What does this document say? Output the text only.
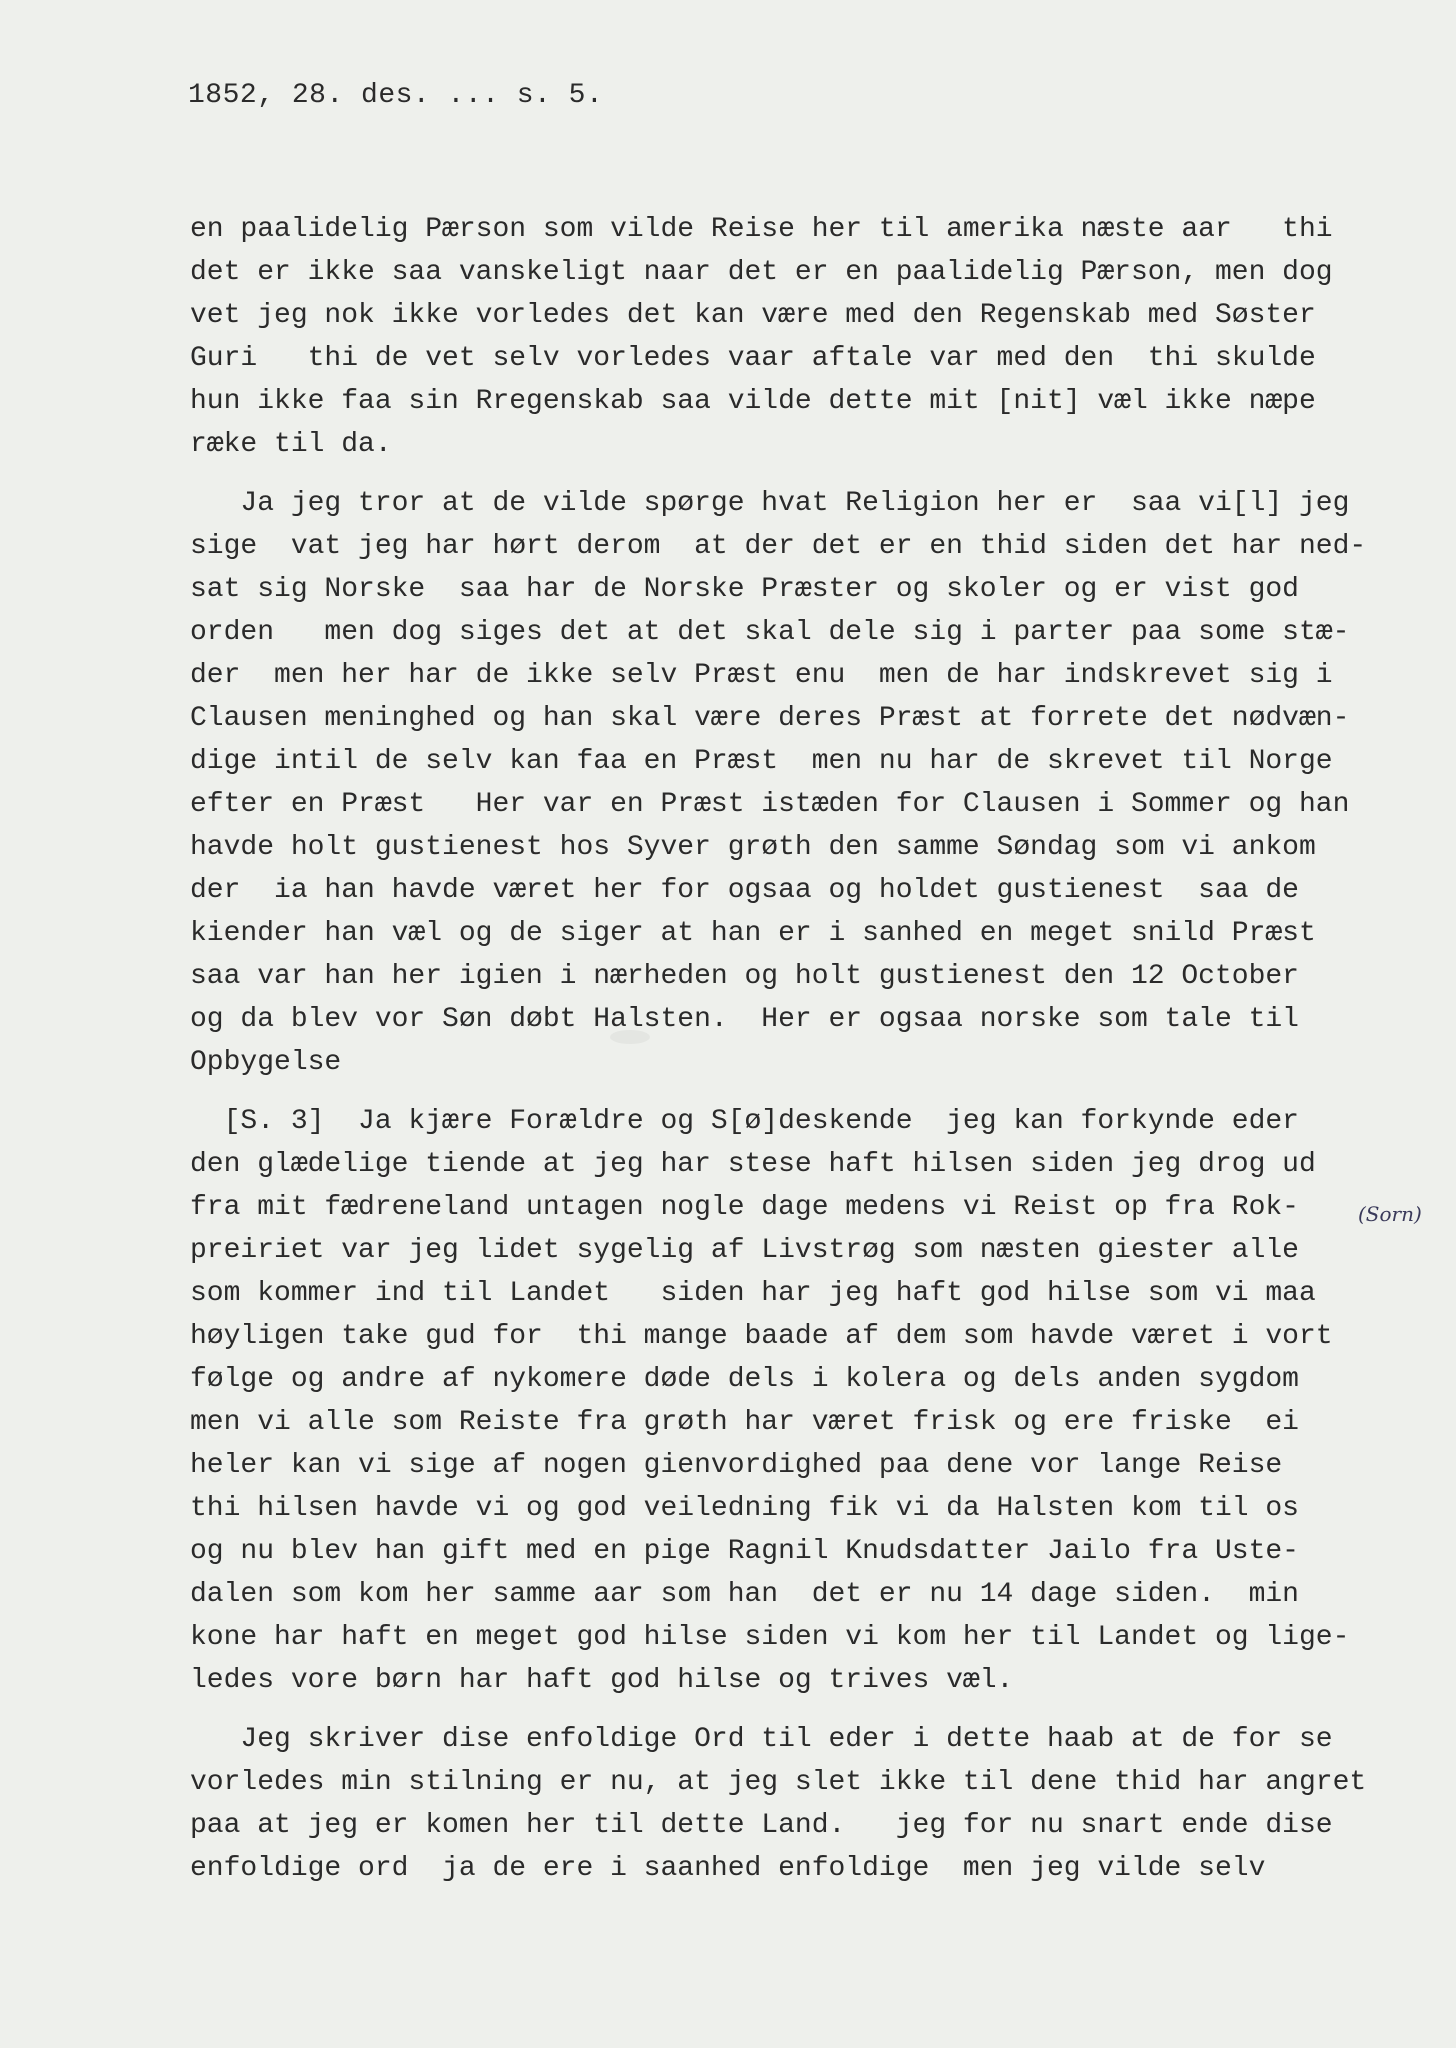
1852, 28. des. ... s. 5.
en paalidelig Pærson som vilde Reise her til amerika næste aar   thi
det er ikke saa vanskeligt naar det er en paalidelig Pærson, men dog
vet jeg nok ikke vorledes det kan være med den Regenskab med Søster
Guri   thi de vet selv vorledes vaar aftale var med den  thi skulde
hun ikke faa sin Rregenskab saa vilde dette mit [nit] væl ikke næpe
ræke til da.
Ja jeg tror at de vilde spørge hvat Religion her er  saa vi[l] jeg
sige  vat jeg har hørt derom  at der det er en thid siden det har ned-
sat sig Norske  saa har de Norske Præster og skoler og er vist god
orden   men dog siges det at det skal dele sig i parter paa some stæ-
der  men her har de ikke selv Præst enu  men de har indskrevet sig i
Clausen meninghed og han skal være deres Præst at forrete det nødvæn-
dige intil de selv kan faa en Præst  men nu har de skrevet til Norge
efter en Præst   Her var en Præst istæden for Clausen i Sommer og han
havde holt gustienest hos Syver grøth den samme Søndag som vi ankom
der  ia han havde været her for ogsaa og holdet gustienest  saa de
kiender han væl og de siger at han er i sanhed en meget snild Præst
saa var han her igien i nærheden og holt gustienest den 12 October
og da blev vor Søn døbt Halsten.  Her er ogsaa norske som tale til
Opbygelse
[S. 3]  Ja kjære Forældre og S[ø]deskende  jeg kan forkynde eder
den glædelige tiende at jeg har stese haft hilsen siden jeg drog ud
fra mit fædreneland untagen nogle dage medens vi Reist op fra Rok-
preiriet var jeg lidet sygelig af Livstrøg som næsten giester alle
som kommer ind til Landet   siden har jeg haft god hilse som vi maa
høyligen take gud for  thi mange baade af dem som havde været i vort
følge og andre af nykomere døde dels i kolera og dels anden sygdom
men vi alle som Reiste fra grøth har været frisk og ere friske  ei
heler kan vi sige af nogen gienvordighed paa dene vor lange Reise
thi hilsen havde vi og god veiledning fik vi da Halsten kom til os
og nu blev han gift med en pige Ragnil Knudsdatter Jailo fra Uste-
dalen som kom her samme aar som han  det er nu 14 dage siden.  min
kone har haft en meget god hilse siden vi kom her til Landet og lige-
ledes vore børn har haft god hilse og trives væl.
Jeg skriver dise enfoldige Ord til eder i dette haab at de for se
vorledes min stilning er nu, at jeg slet ikke til dene thid har angret
paa at jeg er komen her til dette Land.   jeg for nu snart ende dise
enfoldige ord  ja de ere i saanhed enfoldige  men jeg vilde selv
(Sorn)
